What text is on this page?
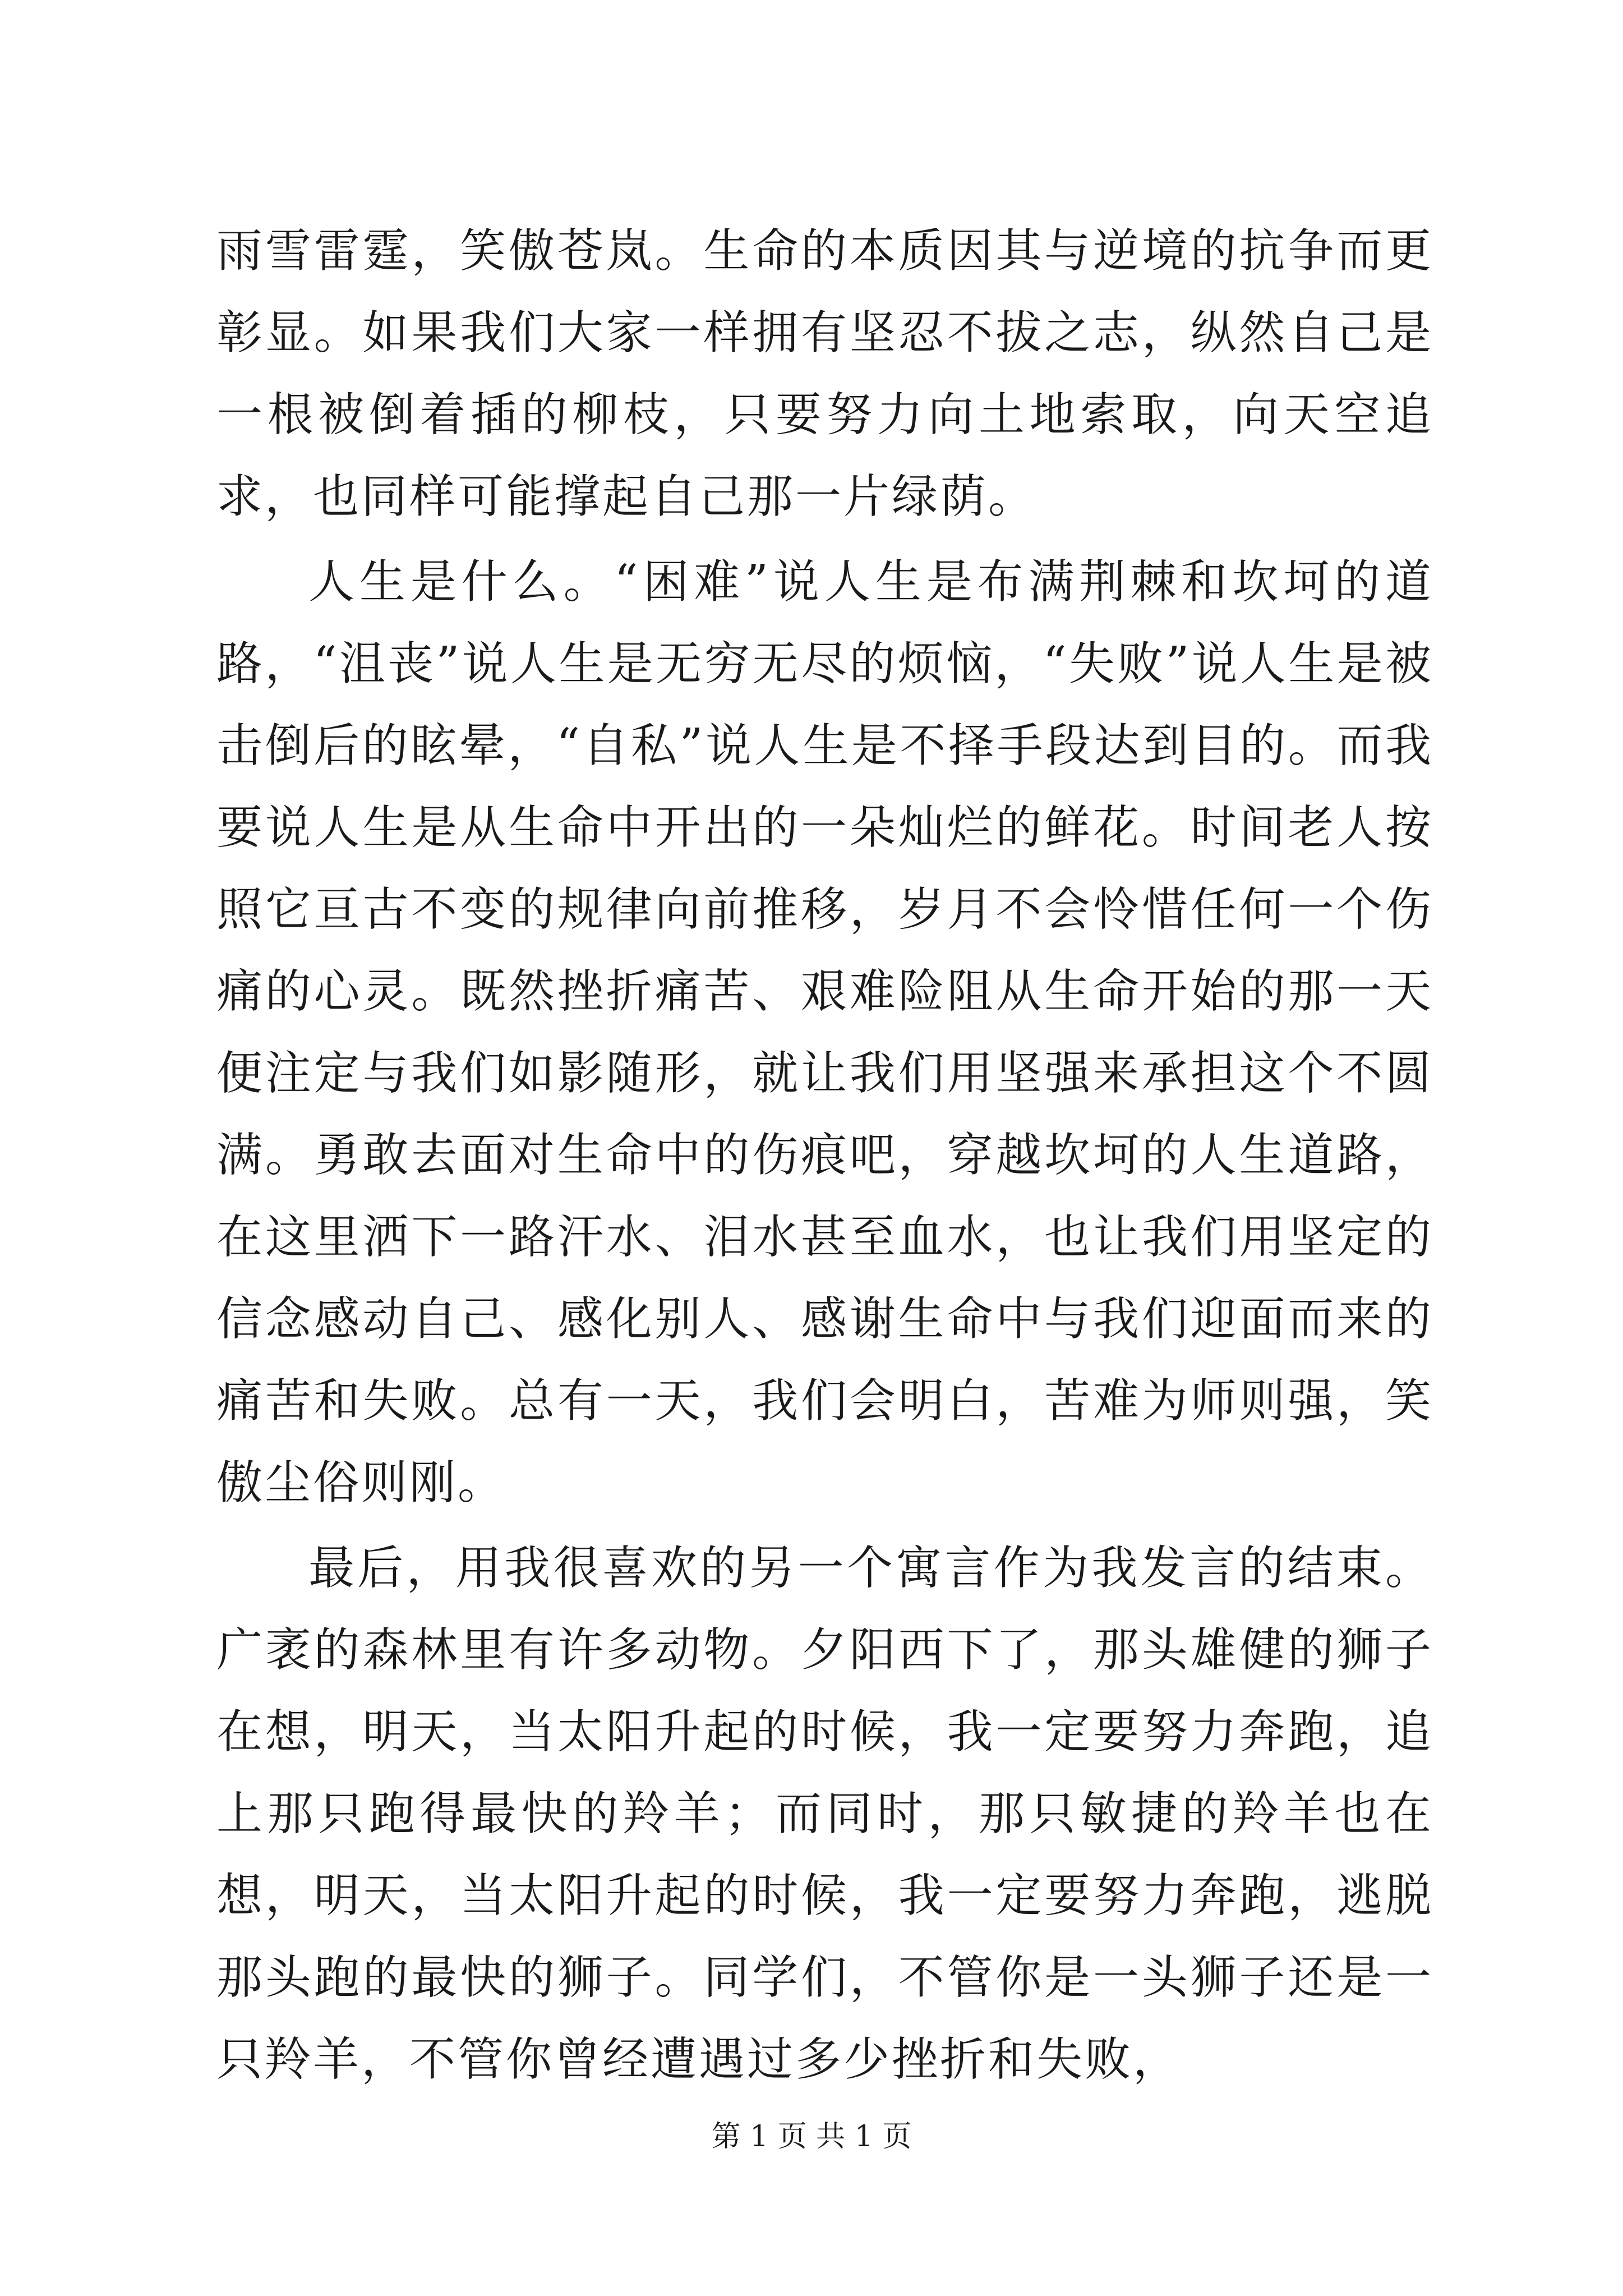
雨雪雷霆，笑傲苍岚。生命的本质因其与逆境的抗争而更彰显。如果我们大家一样拥有坚忍不拔之志，纵然自己是一根被倒着插的柳枝，只要努力向土地索取，向天空追求，也同样可能撑起自己那一片绿荫。

人生是什么。“困难”说人生是布满荆棘和坎坷的道路，“沮丧”说人生是无穷无尽的烦恼，“失败”说人生是被击倒后的眩晕，“自私”说人生是不择手段达到目的。而我要说人生是从生命中开出的一朵灿烂的鲜花。时间老人按照它亘古不变的规律向前推移，岁月不会怜惜任何一个伤痛的心灵。既然挫折痛苦、艰难险阻从生命开始的那一天便注定与我们如影随形，就让我们用坚强来承担这个不圆满。勇敢去面对生命中的伤痕吧，穿越坎坷的人生道路，在这里洒下一路汗水、泪水甚至血水，也让我们用坚定的信念感动自己、感化别人、感谢生命中与我们迎面而来的痛苦和失败。总有一天，我们会明白，苦难为师则强，笑傲尘俗则刚。

最后，用我很喜欢的另一个寓言作为我发言的结束。广袤的森林里有许多动物。夕阳西下了，那头雄健的狮子在想，明天，当太阳升起的时候，我一定要努力奔跑，追上那只跑得最快的羚羊；而同时，那只敏捷的羚羊也在想，明天，当太阳升起的时候，我一定要努力奔跑，逃脱那头跑的最快的狮子。同学们，不管你是一头狮子还是一只羚羊，不管你曾经遭遇过多少挫折和失败，

第 1 页 共 1 页
